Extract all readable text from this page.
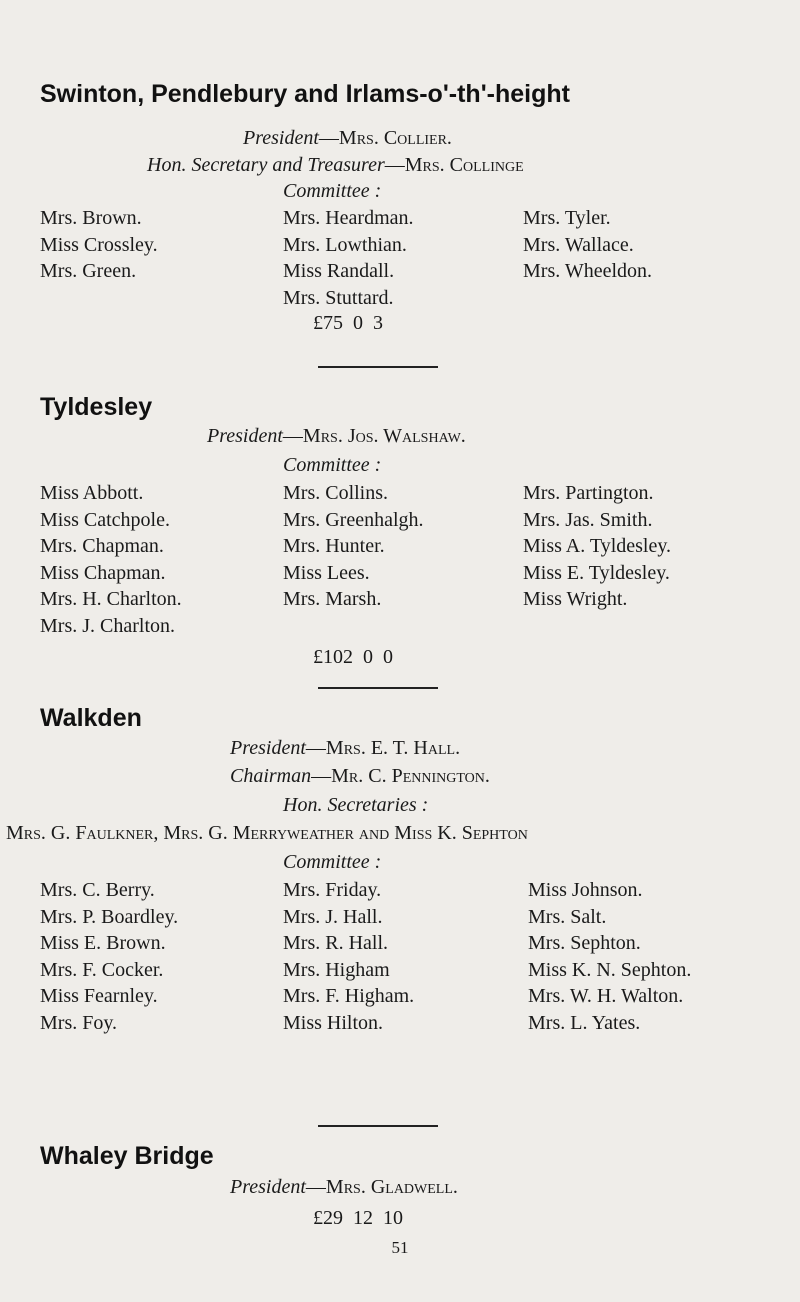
Swinton, Pendlebury and Irlams-o'-th'-height
President—Mrs. Collier.
Hon. Secretary and Treasurer—Mrs. Collinge
Committee :
Mrs. Brown.
Miss Crossley.
Mrs. Green.
Mrs. Heardman.
Mrs. Lowthian.
Miss Randall.
Mrs. Stuttard.
Mrs. Tyler.
Mrs. Wallace.
Mrs. Wheeldon.
£75  0  3
Tyldesley
President—Mrs. Jos. Walshaw.
Committee :
Miss Abbott.
Miss Catchpole.
Mrs. Chapman.
Miss Chapman.
Mrs. H. Charlton.
Mrs. J. Charlton.
Mrs. Collins.
Mrs. Greenhalgh.
Mrs. Hunter.
Miss Lees.
Mrs. Marsh.
Mrs. Partington.
Mrs. Jas. Smith.
Miss A. Tyldesley.
Miss E. Tyldesley.
Miss Wright.
£102  0  0
Walkden
President—Mrs. E. T. Hall.
Chairman—Mr. C. Pennington.
Hon. Secretaries :
Mrs. G. Faulkner, Mrs. G. Merryweather and Miss K. Sephton
Committee :
Mrs. C. Berry.
Mrs. P. Boardley.
Miss E. Brown.
Mrs. F. Cocker.
Miss Fearnley.
Mrs. Foy.
Mrs. Friday.
Mrs. J. Hall.
Mrs. R. Hall.
Mrs. Higham
Mrs. F. Higham.
Miss Hilton.
Miss Johnson.
Mrs. Salt.
Mrs. Sephton.
Miss K. N. Sephton.
Mrs. W. H. Walton.
Mrs. L. Yates.
Whaley Bridge
President—Mrs. Gladwell.
£29  12  10
51
